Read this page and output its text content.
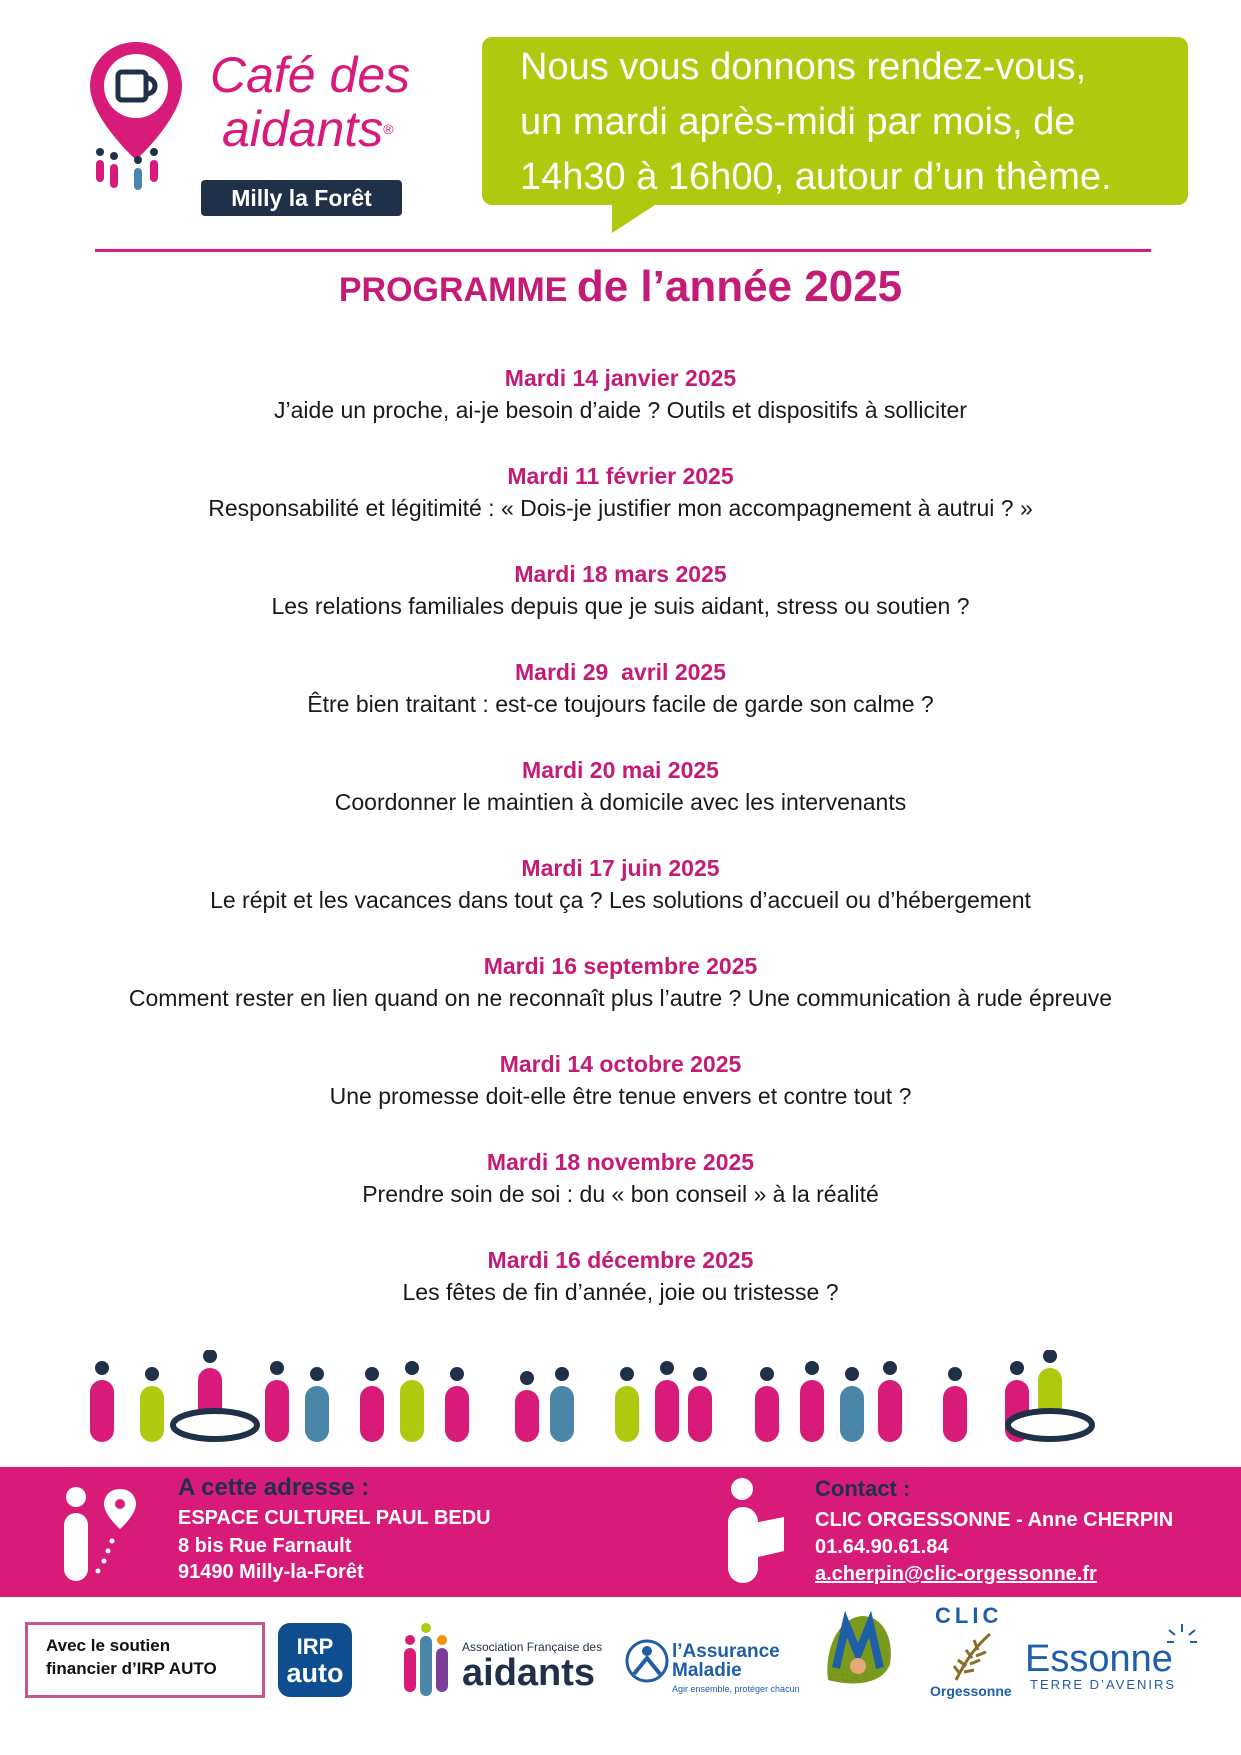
Café des
aidants®
Milly la Forêt
Nous vous donnons rendez-vous,
un mardi après-midi par mois, de
14h30 à 16h00, autour d’un thème.
PROGRAMME de l’année 2025
Mardi 14 janvier 2025
J’aide un proche, ai-je besoin d’aide ? Outils et dispositifs à solliciter
Mardi 11 février 2025
Responsabilité et légitimité : « Dois-je justifier mon accompagnement à autrui ? »
Mardi 18 mars 2025
Les relations familiales depuis que je suis aidant, stress ou soutien ?
Mardi 29  avril 2025
Être bien traitant : est-ce toujours facile de garde son calme ?
Mardi 20 mai 2025
Coordonner le maintien à domicile avec les intervenants
Mardi 17 juin 2025
Le répit et les vacances dans tout ça ? Les solutions d’accueil ou d’hébergement
Mardi 16 septembre 2025
Comment rester en lien quand on ne reconnaît plus l’autre ? Une communication à rude épreuve
Mardi 14 octobre 2025
Une promesse doit-elle être tenue envers et contre tout ?
Mardi 18 novembre 2025
Prendre soin de soi : du « bon conseil » à la réalité
Mardi 16 décembre 2025
Les fêtes de fin d’année, joie ou tristesse ?
A cette adresse :
ESPACE CULTUREL PAUL BEDU
8 bis Rue Farnault
91490 Milly-la-Forêt
Contact :
CLIC ORGESSONNE - Anne CHERPIN
01.64.90.61.84
a.cherpin@clic-orgessonne.fr
Avec le soutien
financier d’IRP AUTO
IRP
auto
Association Française des
aidants
l’Assurance
Maladie
Agir ensemble, protéger chacun
C.C.A.S
CLIC
Orgessonne
Essonne
TERRE D’AVENIRS
